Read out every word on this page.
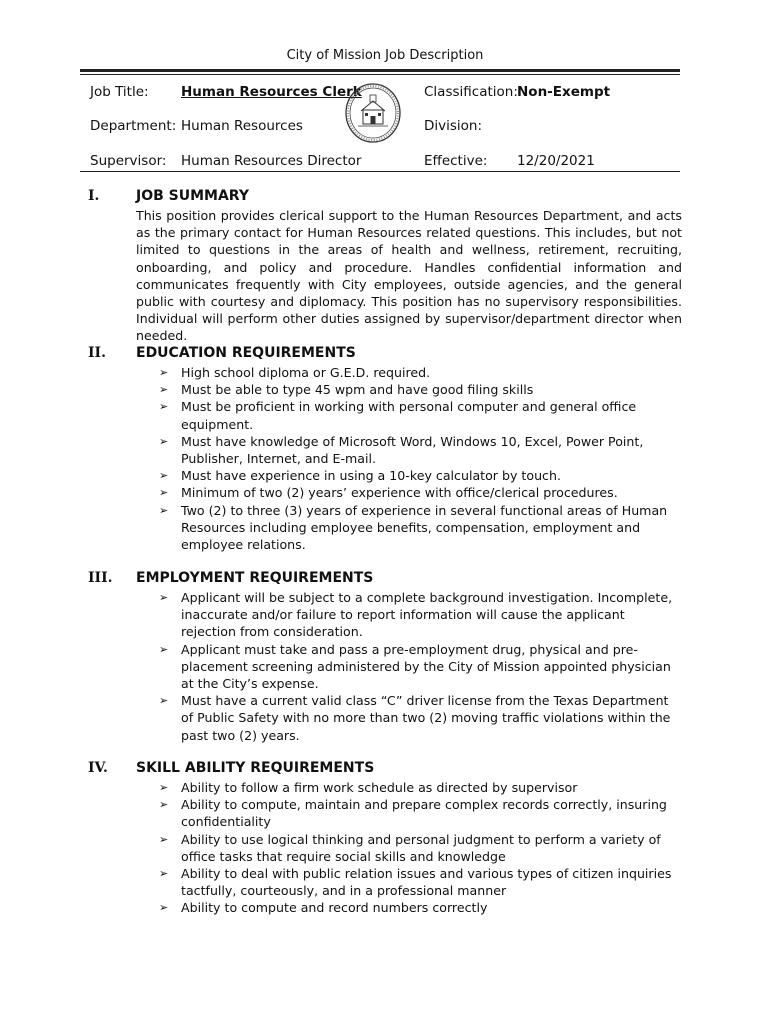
City of Mission Job Description
Job Title: Human Resources Clerk	Classification: Non-Exempt
Department: Human Resources	Division:
Supervisor: Human Resources Director	Effective: 12/20/2021
I.	JOB SUMMARY
This position provides clerical support to the Human Resources Department, and acts as the primary contact for Human Resources related questions. This includes, but not limited to questions in the areas of health and wellness, retirement, recruiting, onboarding, and policy and procedure. Handles confidential information and communicates frequently with City employees, outside agencies, and the general public with courtesy and diplomacy. This position has no supervisory responsibilities. Individual will perform other duties assigned by supervisor/department director when needed.
II. EDUCATION REQUIREMENTS
➢ High school diploma or G.E.D. required.
➢ Must be able to type 45 wpm and have good filing skills
➢ Must be proficient in working with personal computer and general office equipment.
➢ Must have knowledge of Microsoft Word, Windows 10, Excel, Power Point, Publisher, Internet, and E-mail.
➢ Must have experience in using a 10-key calculator by touch.
➢ Minimum of two (2) years’ experience with office/clerical procedures.
➢ Two (2) to three (3) years of experience in several functional areas of Human Resources including employee benefits, compensation, employment and employee relations.
III. EMPLOYMENT REQUIREMENTS
➢ Applicant will be subject to a complete background investigation. Incomplete, inaccurate and/or failure to report information will cause the applicant rejection from consideration.
➢ Applicant must take and pass a pre-employment drug, physical and pre-placement screening administered by the City of Mission appointed physician at the City’s expense.
➢ Must have a current valid class “C” driver license from the Texas Department of Public Safety with no more than two (2) moving traffic violations within the past two (2) years.
IV. SKILL ABILITY REQUIREMENTS
➢ Ability to follow a firm work schedule as directed by supervisor
➢ Ability to compute, maintain and prepare complex records correctly, insuring confidentiality
➢ Ability to use logical thinking and personal judgment to perform a variety of office tasks that require social skills and knowledge
➢ Ability to deal with public relation issues and various types of citizen inquiries tactfully, courteously, and in a professional manner
➢ Ability to compute and record numbers correctly
